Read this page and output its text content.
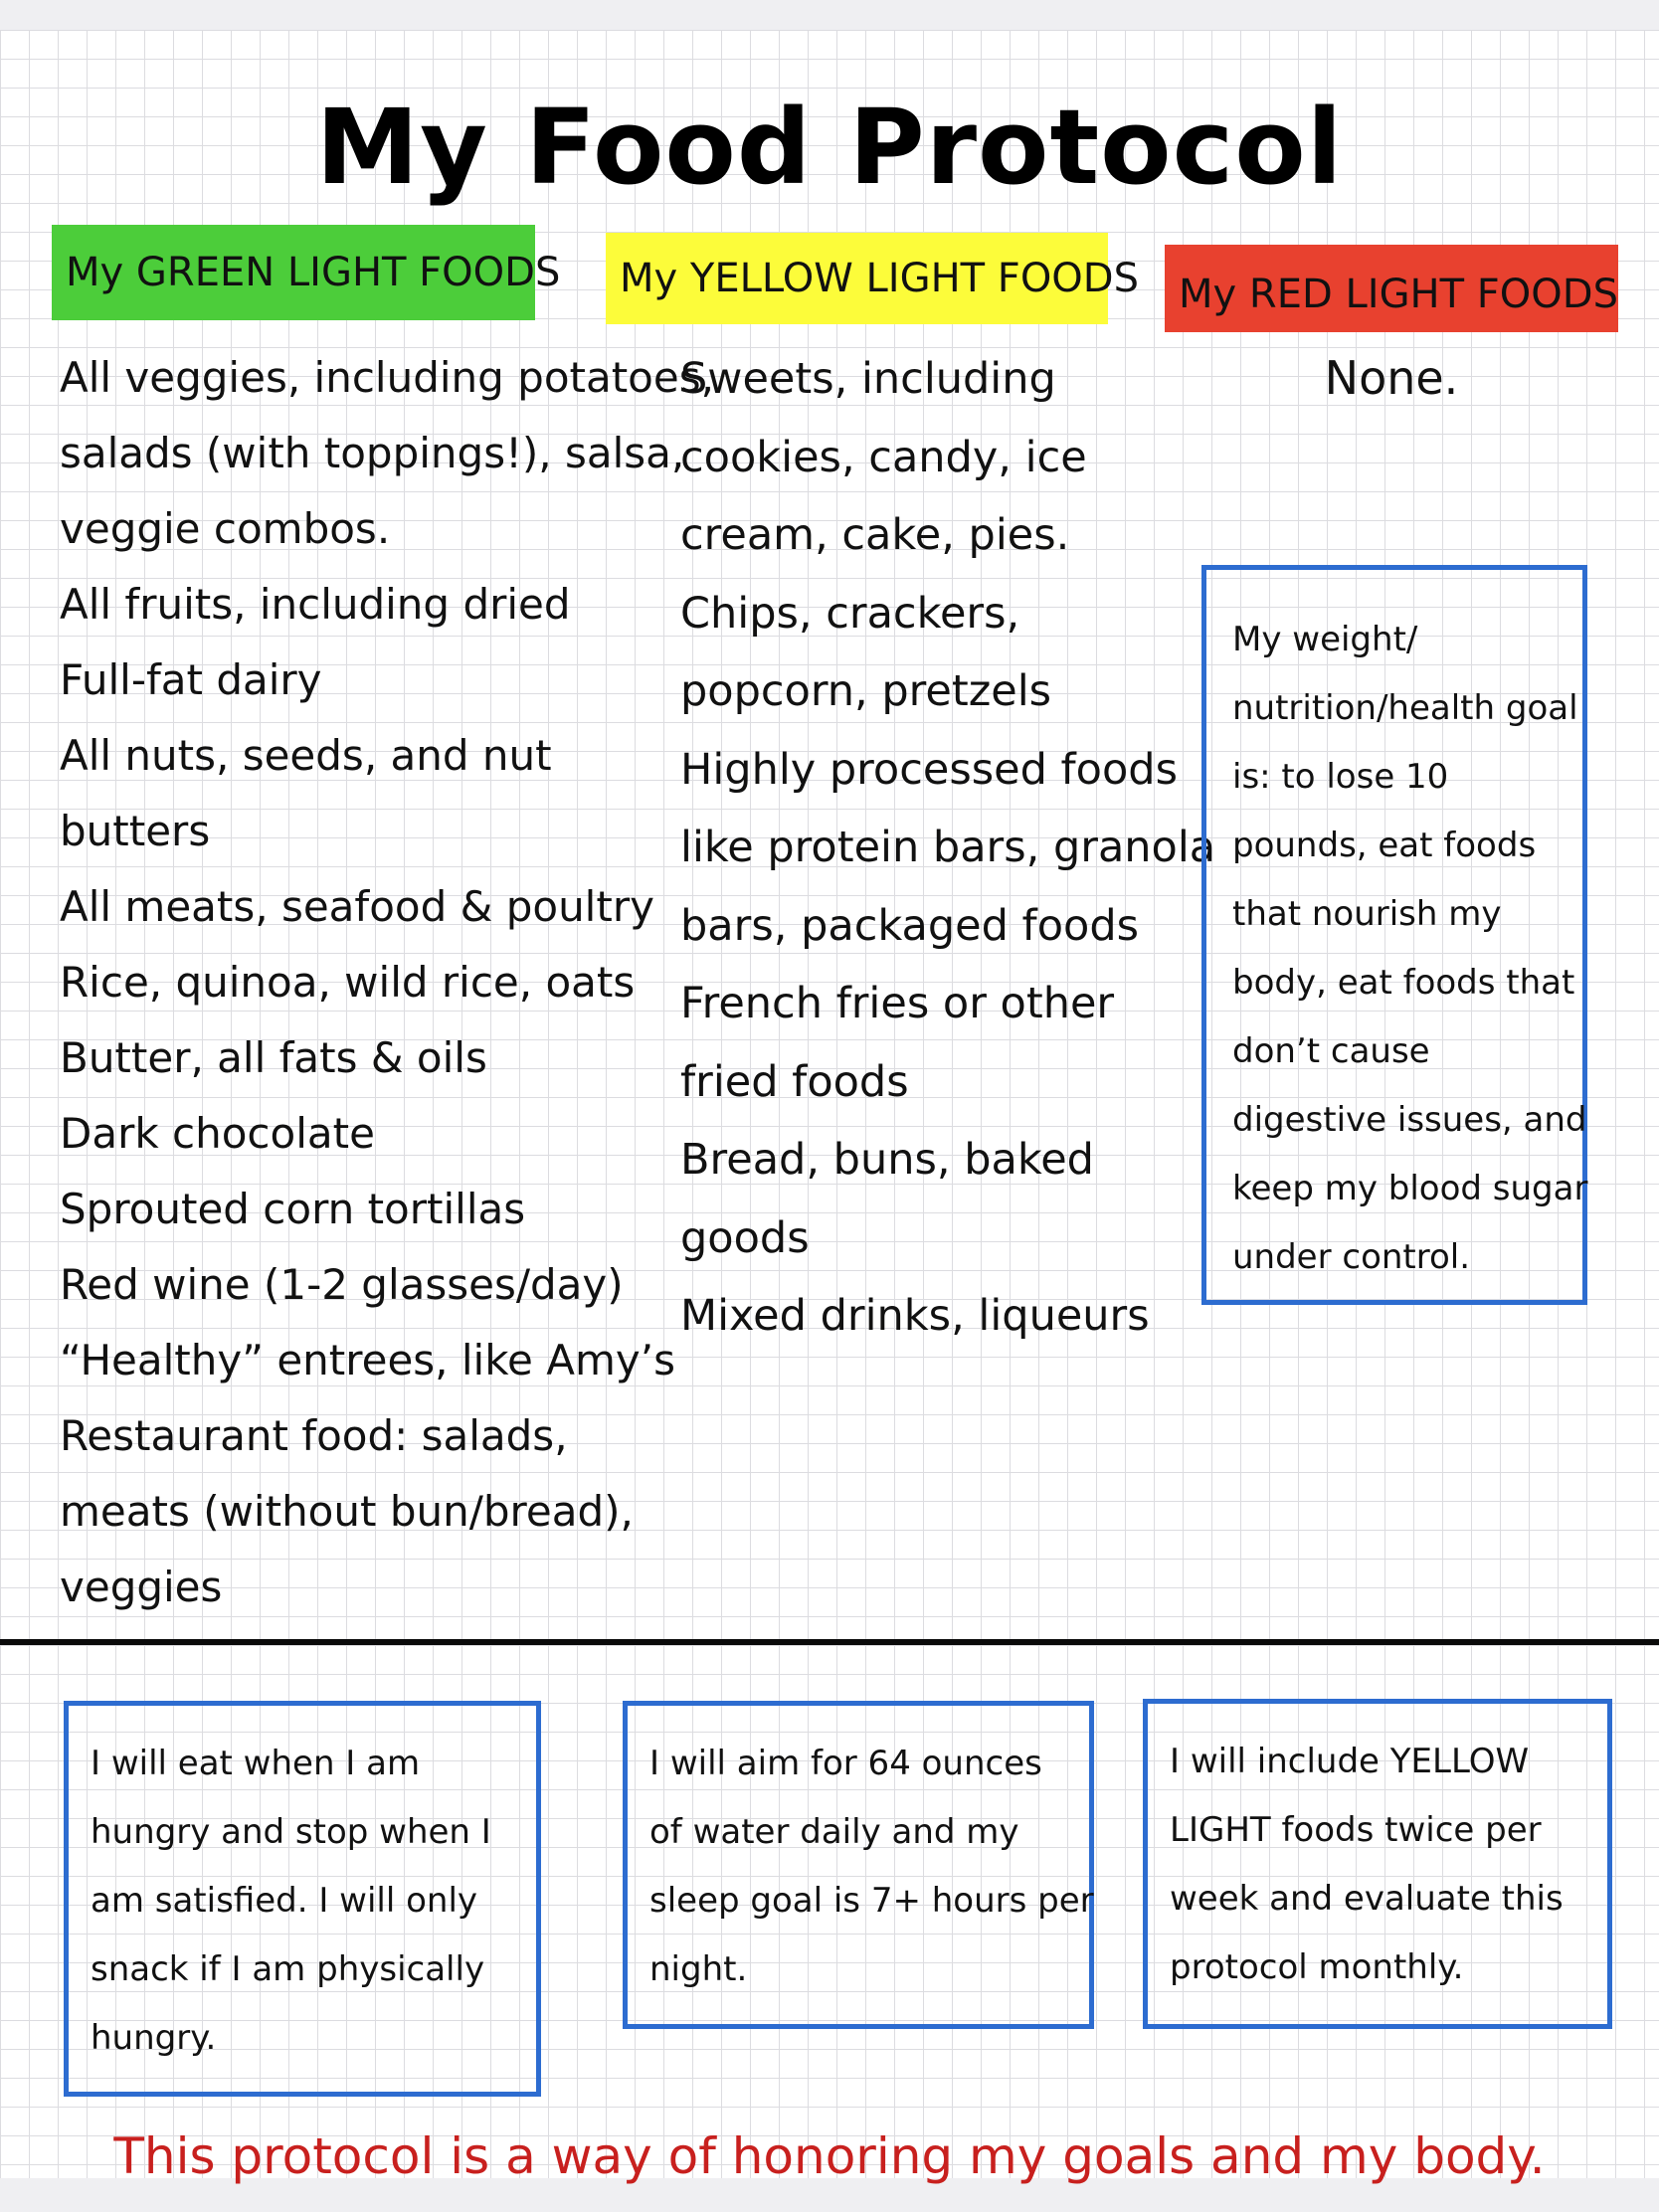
My Food Protocol
My GREEN LIGHT FOODS	My YELLOW LIGHT FOODS	My RED LIGHT FOODS
All veggies, including potatoes,
salads (with toppings!), salsa,
veggie combos.
All fruits, including dried
Full-fat dairy
All nuts, seeds, and nut
butters
All meats, seafood & poultry
Rice, quinoa, wild rice, oats
Butter, all fats & oils
Dark chocolate
Sprouted corn tortillas
Red wine (1-2 glasses/day)
“Healthy” entrees, like Amy’s
Restaurant food: salads,
meats (without bun/bread),
veggies
Sweets, including
cookies, candy, ice
cream, cake, pies.
Chips, crackers,
popcorn, pretzels
Highly processed foods
like protein bars, granola
bars, packaged foods
French fries or other
fried foods
Bread, buns, baked
goods
Mixed drinks, liqueurs
None.
My weight/
nutrition/health goal
is: to lose 10
pounds, eat foods
that nourish my
body, eat foods that
don’t cause
digestive issues, and
keep my blood sugar
under control.
I will eat when I am
hungry and stop when I
am satisfied. I will only
snack if I am physically
hungry.
I will aim for 64 ounces
of water daily and my
sleep goal is 7+ hours per
night.
I will include YELLOW
LIGHT foods twice per
week and evaluate this
protocol monthly.
This protocol is a way of honoring my goals and my body.
